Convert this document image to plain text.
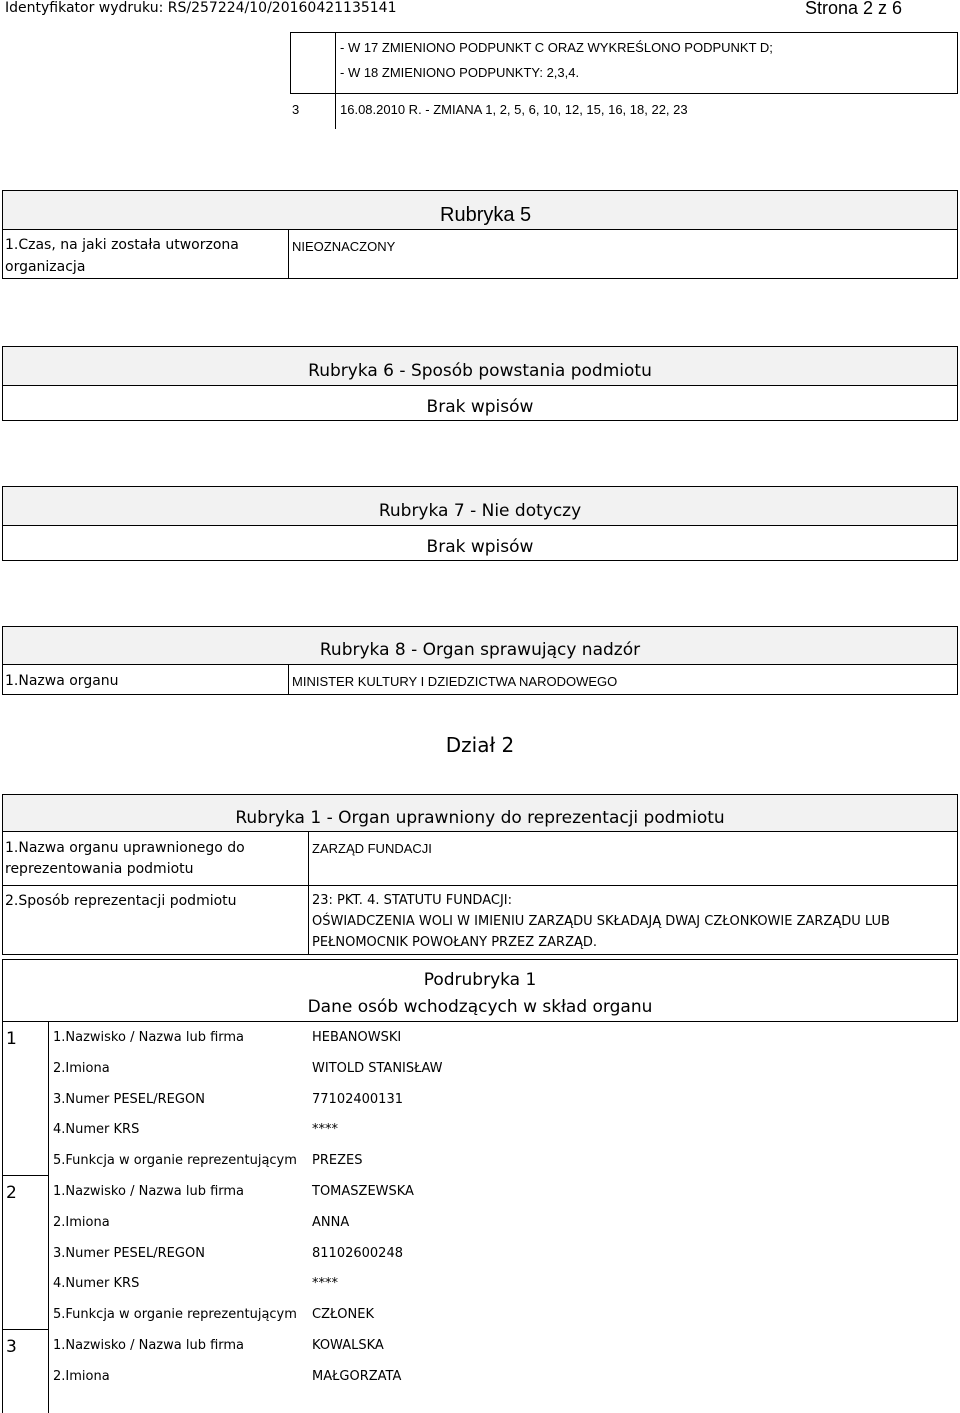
Identyfikator wydruku: RS/257224/10/20160421135141	Strona 2 z 6
- W 17 ZMIENIONO PODPUNKT C ORAZ WYKREŚLONO PODPUNKT D;
- W 18 ZMIENIONO PODPUNKTY: 2,3,4.
3	16.08.2010 R. - ZMIANA 1, 2, 5, 6, 10, 12, 15, 16, 18, 22, 23
Rubryka 5
1.Czas, na jaki została utworzona
organizacja
NIEOZNACZONY
Rubryka 6 - Sposób powstania podmiotu
Brak wpisów
Rubryka 7 - Nie dotyczy
Brak wpisów
Rubryka 8 - Organ sprawujący nadzór
1.Nazwa organu	MINISTER KULTURY I DZIEDZICTWA NARODOWEGO
Dział 2
Rubryka 1 - Organ uprawniony do reprezentacji podmiotu
1.Nazwa organu uprawnionego do
reprezentowania podmiotu
ZARZĄD FUNDACJI
2.Sposób reprezentacji podmiotu	23: PKT. 4. STATUTU FUNDACJI:
OŚWIADCZENIA WOLI W IMIENIU ZARZĄDU SKŁADAJĄ DWAJ CZŁONKOWIE ZARZĄDU LUB
PEŁNOMOCNIK POWOŁANY PRZEZ ZARZĄD.
Podrubryka 1
Dane osób wchodzących w skład organu
1	1.Nazwisko / Nazwa lub firma	HEBANOWSKI
2.Imiona	WITOLD STANISŁAW
3.Numer PESEL/REGON	77102400131
4.Numer KRS	****
5.Funkcja w organie reprezentującym PREZES
2	1.Nazwisko / Nazwa lub firma	TOMASZEWSKA
2.Imiona	ANNA
3.Numer PESEL/REGON	81102600248
4.Numer KRS	****
5.Funkcja w organie reprezentującym CZŁONEK
3	1.Nazwisko / Nazwa lub firma	KOWALSKA
2.Imiona	MAŁGORZATA
